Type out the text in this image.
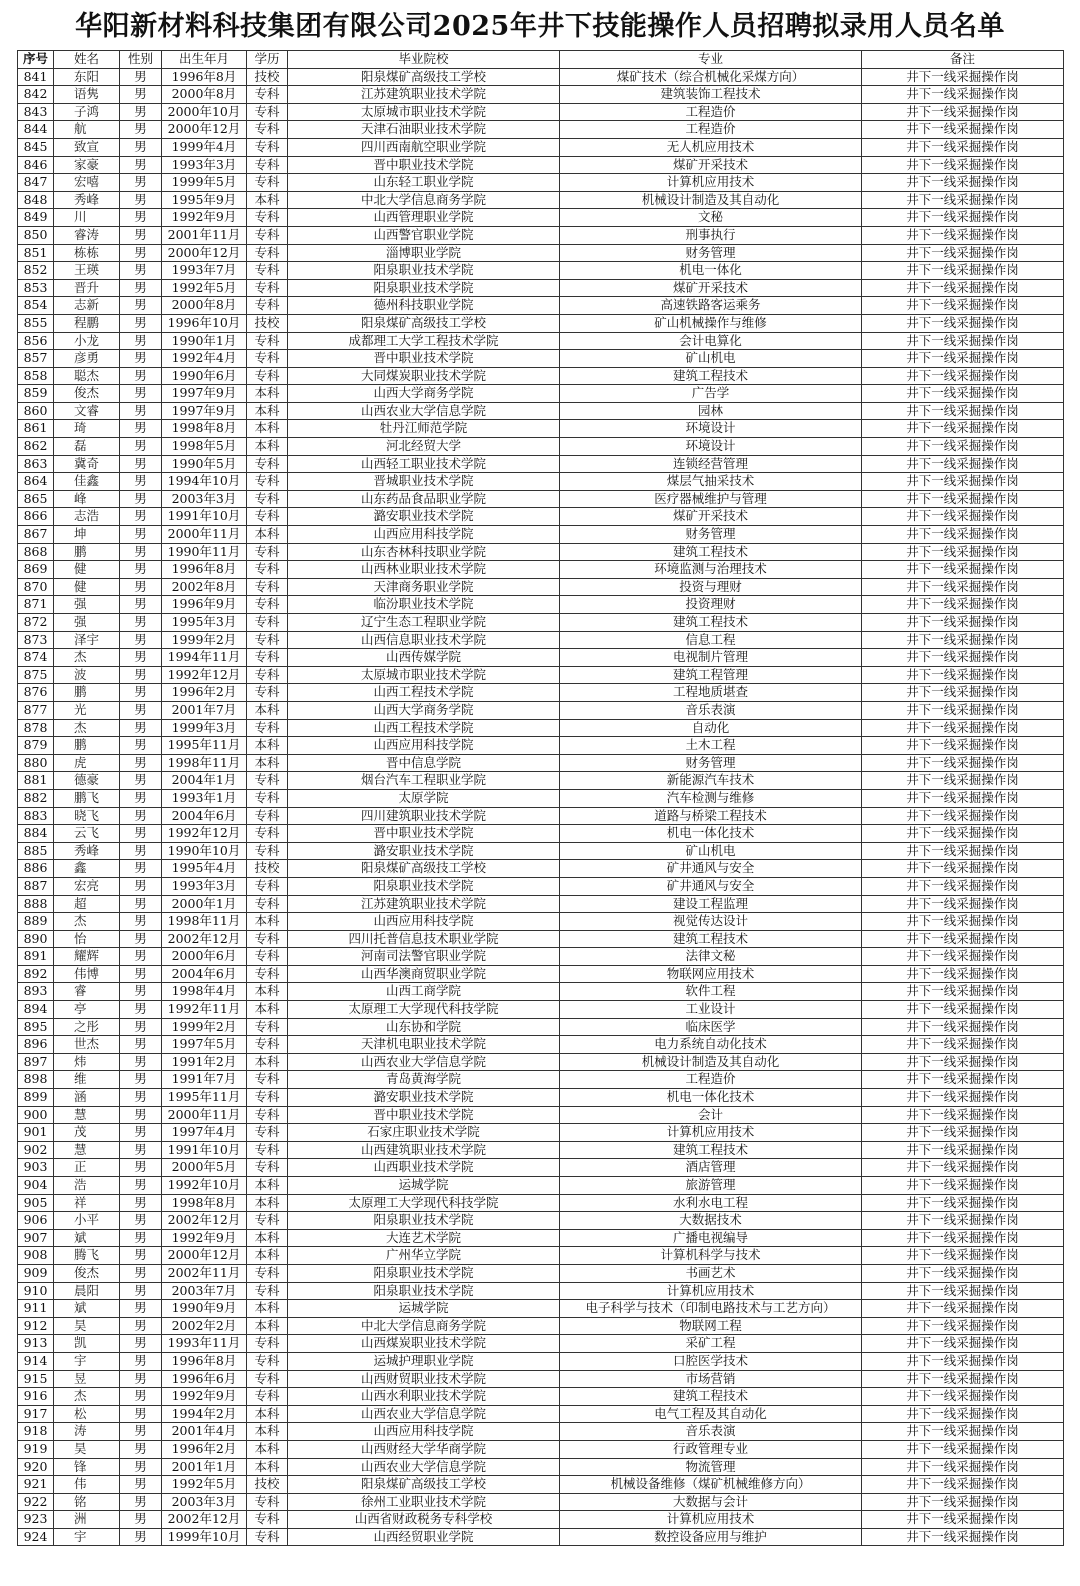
华阳新材料科技集团有限公司2025年井下技能操作人员招聘拟录用人员名单
序号	姓名	性别	出生年月	学历	毕业院校	专业	备注
841	东阳	男	1996年8月	技校	阳泉煤矿高级技工学校	煤矿技术（综合机械化采煤方向）	井下一线采掘操作岗
842	语隽	男	2000年8月	专科	江苏建筑职业技术学院	建筑装饰工程技术	井下一线采掘操作岗
843	子鸿	男	2000年10月	专科	太原城市职业技术学院	工程造价	井下一线采掘操作岗
844	航	男	2000年12月	专科	天津石油职业技术学院	工程造价	井下一线采掘操作岗
845	致宣	男	1999年4月	专科	四川西南航空职业学院	无人机应用技术	井下一线采掘操作岗
846	家豪	男	1993年3月	专科	晋中职业技术学院	煤矿开采技术	井下一线采掘操作岗
847	宏嘻	男	1999年5月	专科	山东轻工职业学院	计算机应用技术	井下一线采掘操作岗
848	秀峰	男	1995年9月	本科	中北大学信息商务学院	机械设计制造及其自动化	井下一线采掘操作岗
849	川	男	1992年9月	专科	山西管理职业学院	文秘	井下一线采掘操作岗
850	睿涛	男	2001年11月	专科	山西警官职业学院	刑事执行	井下一线采掘操作岗
851	栋栋	男	2000年12月	专科	淄博职业学院	财务管理	井下一线采掘操作岗
852	王瑛	男	1993年7月	专科	阳泉职业技术学院	机电一体化	井下一线采掘操作岗
853	晋升	男	1992年5月	专科	阳泉职业技术学院	煤矿开采技术	井下一线采掘操作岗
854	志新	男	2000年8月	专科	德州科技职业学院	高速铁路客运乘务	井下一线采掘操作岗
855	程鹏	男	1996年10月	技校	阳泉煤矿高级技工学校	矿山机械操作与维修	井下一线采掘操作岗
856	小龙	男	1990年1月	专科	成都理工大学工程技术学院	会计电算化	井下一线采掘操作岗
857	彦勇	男	1992年4月	专科	晋中职业技术学院	矿山机电	井下一线采掘操作岗
858	聪杰	男	1990年6月	专科	大同煤炭职业技术学院	建筑工程技术	井下一线采掘操作岗
859	俊杰	男	1997年9月	本科	山西大学商务学院	广告学	井下一线采掘操作岗
860	文睿	男	1997年9月	本科	山西农业大学信息学院	园林	井下一线采掘操作岗
861	琦	男	1998年8月	本科	牡丹江师范学院	环境设计	井下一线采掘操作岗
862	磊	男	1998年5月	本科	河北经贸大学	环境设计	井下一线采掘操作岗
863	冀奇	男	1990年5月	专科	山西轻工职业技术学院	连锁经营管理	井下一线采掘操作岗
864	佳鑫	男	1994年10月	专科	晋城职业技术学院	煤层气抽采技术	井下一线采掘操作岗
865	峰	男	2003年3月	专科	山东药品食品职业学院	医疗器械维护与管理	井下一线采掘操作岗
866	志浩	男	1991年10月	专科	潞安职业技术学院	煤矿开采技术	井下一线采掘操作岗
867	坤	男	2000年11月	本科	山西应用科技学院	财务管理	井下一线采掘操作岗
868	鹏	男	1990年11月	专科	山东杏林科技职业学院	建筑工程技术	井下一线采掘操作岗
869	健	男	1996年8月	专科	山西林业职业技术学院	环境监测与治理技术	井下一线采掘操作岗
870	健	男	2002年8月	专科	天津商务职业学院	投资与理财	井下一线采掘操作岗
871	强	男	1996年9月	专科	临汾职业技术学院	投资理财	井下一线采掘操作岗
872	强	男	1995年3月	专科	辽宁生态工程职业学院	建筑工程技术	井下一线采掘操作岗
873	泽宇	男	1999年2月	专科	山西信息职业技术学院	信息工程	井下一线采掘操作岗
874	杰	男	1994年11月	专科	山西传媒学院	电视制片管理	井下一线采掘操作岗
875	波	男	1992年12月	专科	太原城市职业技术学院	建筑工程管理	井下一线采掘操作岗
876	鹏	男	1996年2月	专科	山西工程技术学院	工程地质堪查	井下一线采掘操作岗
877	光	男	2001年7月	本科	山西大学商务学院	音乐表演	井下一线采掘操作岗
878	杰	男	1999年3月	专科	山西工程技术学院	自动化	井下一线采掘操作岗
879	鹏	男	1995年11月	本科	山西应用科技学院	土木工程	井下一线采掘操作岗
880	虎	男	1998年11月	本科	晋中信息学院	财务管理	井下一线采掘操作岗
881	德豪	男	2004年1月	专科	烟台汽车工程职业学院	新能源汽车技术	井下一线采掘操作岗
882	鹏飞	男	1993年1月	专科	太原学院	汽车检测与维修	井下一线采掘操作岗
883	晓飞	男	2004年6月	专科	四川建筑职业技术学院	道路与桥梁工程技术	井下一线采掘操作岗
884	云飞	男	1992年12月	专科	晋中职业技术学院	机电一体化技术	井下一线采掘操作岗
885	秀峰	男	1990年10月	专科	潞安职业技术学院	矿山机电	井下一线采掘操作岗
886	鑫	男	1995年4月	技校	阳泉煤矿高级技工学校	矿井通风与安全	井下一线采掘操作岗
887	宏亮	男	1993年3月	专科	阳泉职业技术学院	矿井通风与安全	井下一线采掘操作岗
888	超	男	2000年1月	专科	江苏建筑职业技术学院	建设工程监理	井下一线采掘操作岗
889	杰	男	1998年11月	本科	山西应用科技学院	视觉传达设计	井下一线采掘操作岗
890	怡	男	2002年12月	专科	四川托普信息技术职业学院	建筑工程技术	井下一线采掘操作岗
891	耀辉	男	2000年6月	专科	河南司法警官职业学院	法律文秘	井下一线采掘操作岗
892	伟博	男	2004年6月	专科	山西华澳商贸职业学院	物联网应用技术	井下一线采掘操作岗
893	睿	男	1998年4月	本科	山西工商学院	软件工程	井下一线采掘操作岗
894	亭	男	1992年11月	本科	太原理工大学现代科技学院	工业设计	井下一线采掘操作岗
895	之彤	男	1999年2月	专科	山东协和学院	临床医学	井下一线采掘操作岗
896	世杰	男	1997年5月	专科	天津机电职业技术学院	电力系统自动化技术	井下一线采掘操作岗
897	炜	男	1991年2月	本科	山西农业大学信息学院	机械设计制造及其自动化	井下一线采掘操作岗
898	维	男	1991年7月	专科	青岛黄海学院	工程造价	井下一线采掘操作岗
899	涵	男	1995年11月	专科	潞安职业技术学院	机电一体化技术	井下一线采掘操作岗
900	慧	男	2000年11月	专科	晋中职业技术学院	会计	井下一线采掘操作岗
901	茂	男	1997年4月	专科	石家庄职业技术学院	计算机应用技术	井下一线采掘操作岗
902	慧	男	1991年10月	专科	山西建筑职业技术学院	建筑工程技术	井下一线采掘操作岗
903	正	男	2000年5月	专科	山西职业技术学院	酒店管理	井下一线采掘操作岗
904	浩	男	1992年10月	本科	运城学院	旅游管理	井下一线采掘操作岗
905	祥	男	1998年8月	本科	太原理工大学现代科技学院	水利水电工程	井下一线采掘操作岗
906	小平	男	2002年12月	专科	阳泉职业技术学院	大数据技术	井下一线采掘操作岗
907	斌	男	1992年9月	本科	大连艺术学院	广播电视编导	井下一线采掘操作岗
908	腾飞	男	2000年12月	本科	广州华立学院	计算机科学与技术	井下一线采掘操作岗
909	俊杰	男	2002年11月	专科	阳泉职业技术学院	书画艺术	井下一线采掘操作岗
910	晨阳	男	2003年7月	专科	阳泉职业技术学院	计算机应用技术	井下一线采掘操作岗
911	斌	男	1990年9月	本科	运城学院	电子科学与技术（印制电路技术与工艺方向）	井下一线采掘操作岗
912	昊	男	2002年2月	本科	中北大学信息商务学院	物联网工程	井下一线采掘操作岗
913	凯	男	1993年11月	专科	山西煤炭职业技术学院	采矿工程	井下一线采掘操作岗
914	宇	男	1996年8月	专科	运城护理职业学院	口腔医学技术	井下一线采掘操作岗
915	昱	男	1996年6月	专科	山西财贸职业技术学院	市场营销	井下一线采掘操作岗
916	杰	男	1992年9月	专科	山西水利职业技术学院	建筑工程技术	井下一线采掘操作岗
917	松	男	1994年2月	本科	山西农业大学信息学院	电气工程及其自动化	井下一线采掘操作岗
918	涛	男	2001年4月	本科	山西应用科技学院	音乐表演	井下一线采掘操作岗
919	昊	男	1996年2月	本科	山西财经大学华商学院	行政管理专业	井下一线采掘操作岗
920	锋	男	2001年1月	本科	山西农业大学信息学院	物流管理	井下一线采掘操作岗
921	伟	男	1992年5月	技校	阳泉煤矿高级技工学校	机械设备维修（煤矿机械维修方向）	井下一线采掘操作岗
922	铭	男	2003年3月	专科	徐州工业职业技术学院	大数据与会计	井下一线采掘操作岗
923	洲	男	2002年12月	专科	山西省财政税务专科学校	计算机应用技术	井下一线采掘操作岗
924	宇	男	1999年10月	专科	山西经贸职业学院	数控设备应用与维护	井下一线采掘操作岗
